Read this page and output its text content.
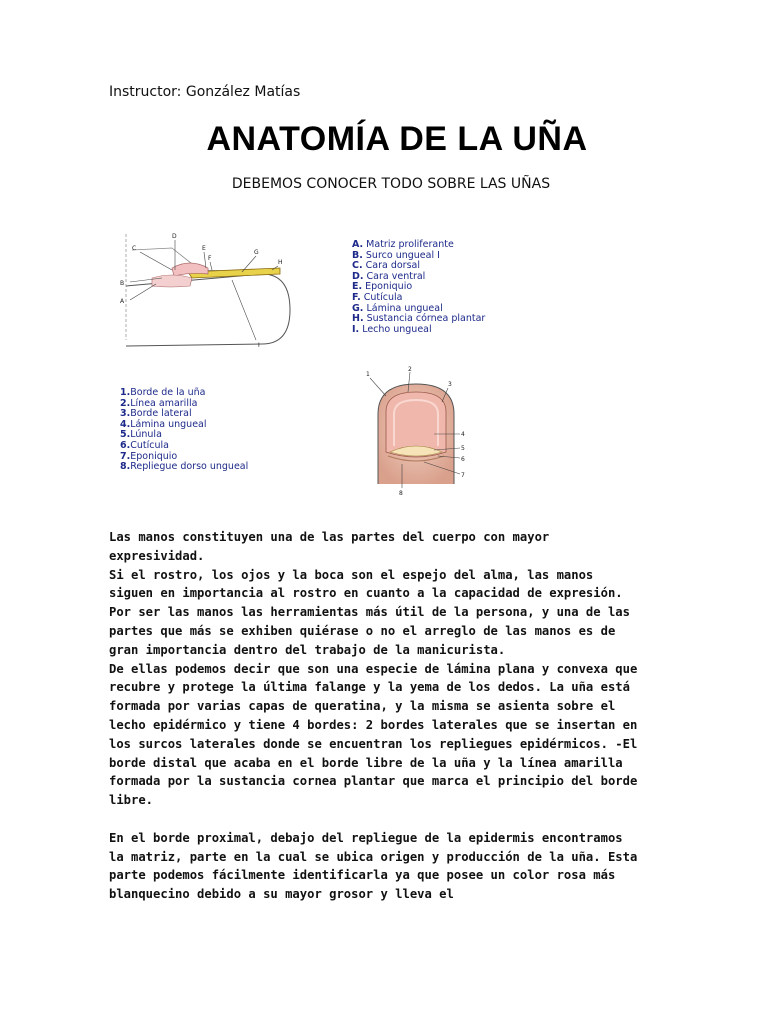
Instructor: González Matías
ANATOMÍA DE LA UÑA
DEBEMOS CONOCER TODO SOBRE LAS UÑAS
A
B
C
D
E
F
G
H
I
A. Matriz proliferante
B. Surco ungueal I
C. Cara dorsal
D. Cara ventral
E. Eponiquio
F. Cutícula
G. Lámina ungueal
H. Sustancia córnea plantar
I. Lecho ungueal
1.Borde de la uña
2.Línea amarilla
3.Borde lateral
4.Lámina ungueal
5.Lúnula
6.Cutícula
7.Eponiquio
8.Repliegue dorso ungueal
1
2
3
4
5
6
7
8

Las manos constituyen una de las partes del cuerpo con mayor expresividad.

Si el rostro, los ojos y la boca son el espejo del alma, las manos siguen en importancia al rostro en cuanto a la capacidad de expresión.

Por ser las manos las herramientas más útil de la persona, y una de las partes que más se exhiben quiérase o no el arreglo de las manos es de gran importancia dentro del trabajo de la manicurista.

De ellas podemos decir que son una especie de lámina plana y convexa que recubre y protege la última falange y la yema de los dedos. La uña está formada por varias capas de queratina, y la misma se asienta sobre el lecho epidérmico y tiene 4 bordes: 2 bordes laterales que se insertan en los surcos laterales donde se encuentran los repliegues epidérmicos. -El borde distal que acaba en el borde libre de la uña y la línea amarilla formada por la sustancia cornea plantar que marca el principio del borde libre.

En el borde proximal, debajo del repliegue de la epidermis encontramos la matriz, parte en la cual se ubica origen y producción de la uña. Esta parte podemos fácilmente identificarla ya que posee un color rosa más blanquecino debido a su mayor grosor y lleva el
